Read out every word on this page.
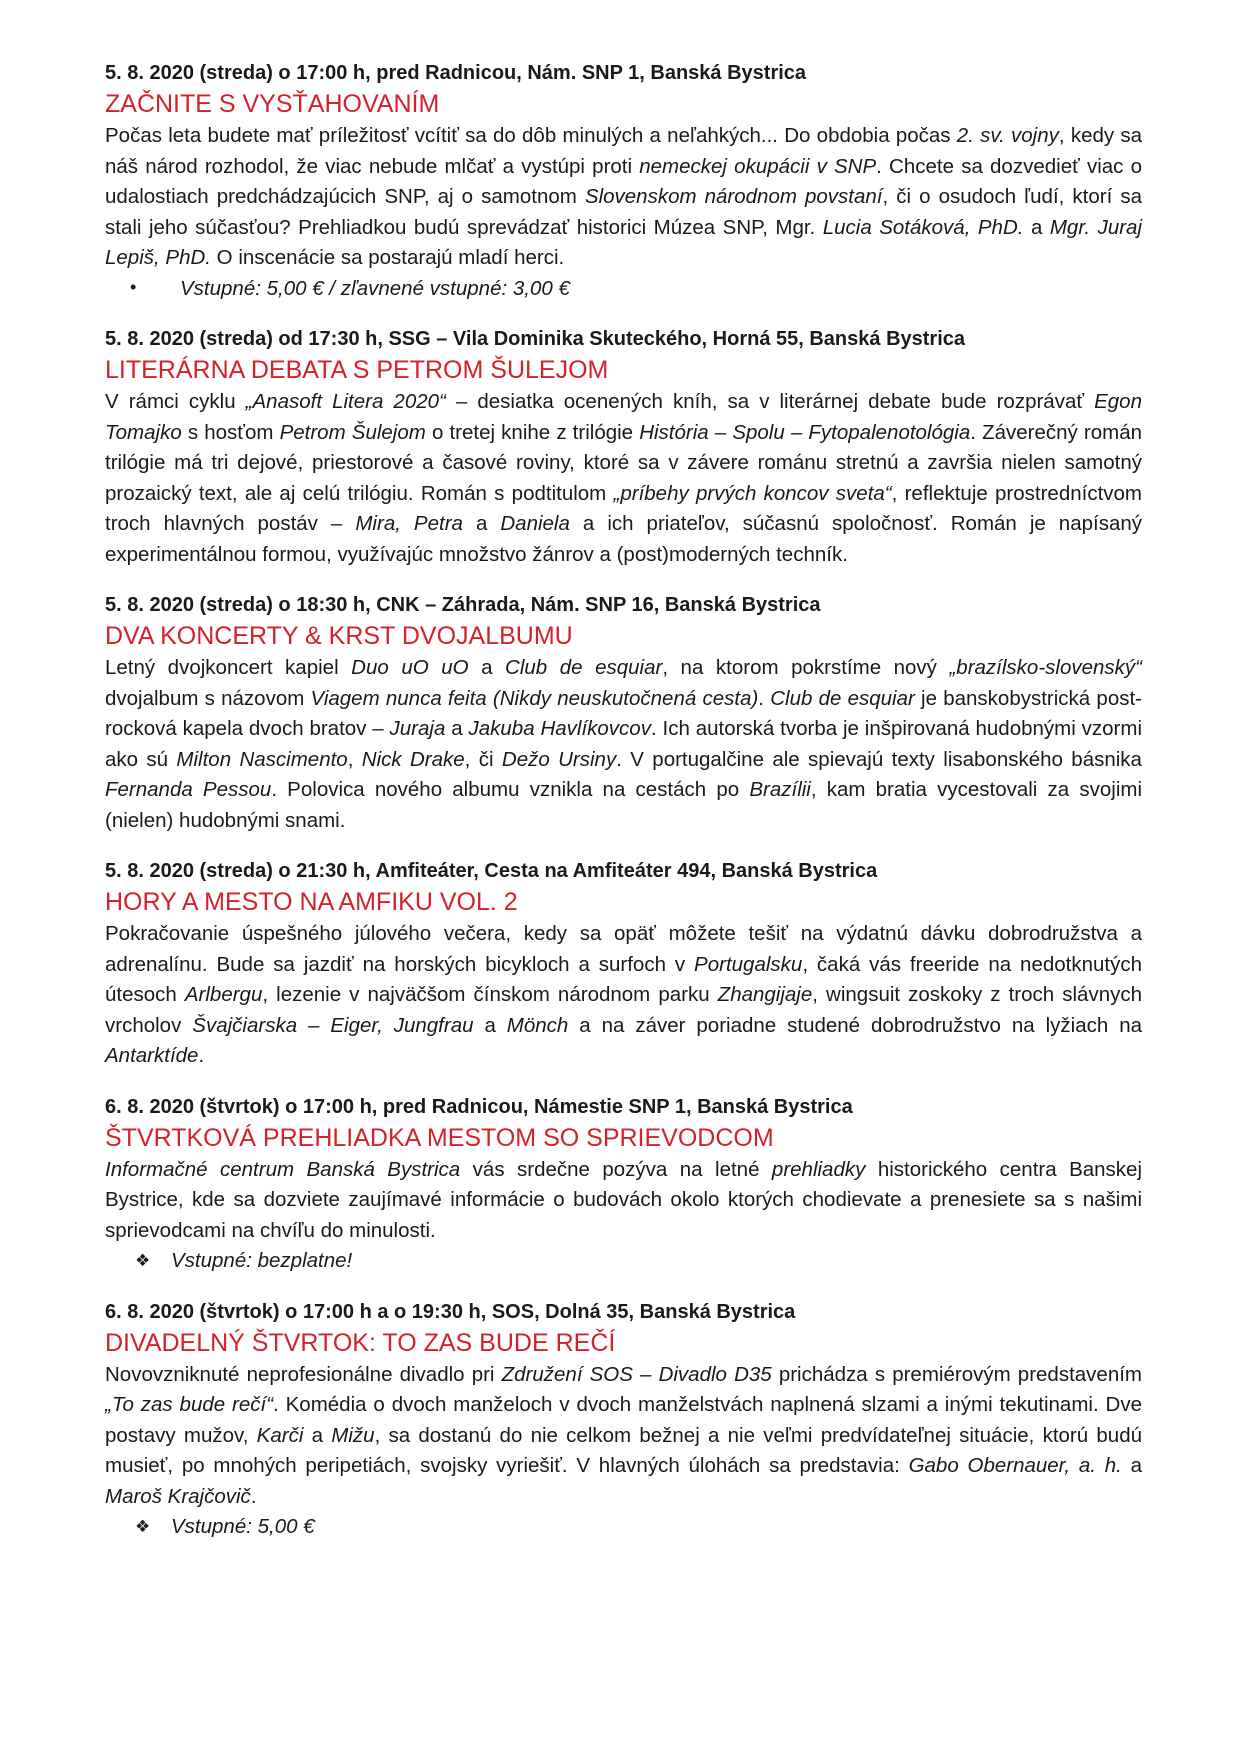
5. 8. 2020 (streda) o 17:00 h, pred Radnicou, Nám. SNP 1, Banská Bystrica

ZAČNITE S VYSŤAHOVANÍM

Počas leta budete mať príležitosť vcítiť sa do dôb minulých a neľahkých... Do obdobia počas 2. sv. vojny, kedy sa náš národ rozhodol, že viac nebude mlčať a vystúpi proti nemeckej okupácii v SNP. Chcete sa dozvedieť viac o udalostiach predchádzajúcich SNP, aj o samotnom Slovenskom národnom povstaní, či o osudoch ľudí, ktorí sa stali jeho súčasťou? Prehliadkou budú sprevádzať historici Múzea SNP, Mgr. Lucia Sotáková, PhD. a Mgr. Juraj Lepiš, PhD. O inscenácie sa postarajú mladí herci.

• Vstupné: 5,00 € / zľavnené vstupné: 3,00 €

5. 8. 2020 (streda) od 17:30 h, SSG – Vila Dominika Skuteckého, Horná 55, Banská Bystrica

LITERÁRNA DEBATA S PETROM ŠULEJOM

V rámci cyklu „Anasoft Litera 2020“ – desiatka ocenených kníh, sa v literárnej debate bude rozprávať Egon Tomajko s hosťom Petrom Šulejom o tretej knihe z trilógie História – Spolu – Fytopalenotológia. Záverečný román trilógie má tri dejové, priestorové a časové roviny, ktoré sa v závere románu stretnú a završia nielen samotný prozaický text, ale aj celú trilógiu. Román s podtitulom „príbehy prvých koncov sveta“, reflektuje prostredníctvom troch hlavných postáv – Mira, Petra a Daniela a ich priateľov, súčasnú spoločnosť. Román je napísaný experimentálnou formou, využívajúc množstvo žánrov a (post)moderných techník.

5. 8. 2020 (streda) o 18:30 h, CNK – Záhrada, Nám. SNP 16, Banská Bystrica

DVA KONCERTY & KRST DVOJALBUMU

Letný dvojkoncert kapiel Duo uO uO a Club de esquiar, na ktorom pokrstíme nový „brazílsko-slovenský“ dvojalbum s názovom Viagem nunca feita (Nikdy neuskutočnená cesta). Club de esquiar je banskobystrická post-rocková kapela dvoch bratov – Juraja a Jakuba Havlíkovcov. Ich autorská tvorba je inšpirovaná hudobnými vzormi ako sú Milton Nascimento, Nick Drake, či Dežo Ursiny. V portugalčine ale spievajú texty lisabonského básnika Fernanda Pessou. Polovica nového albumu vznikla na cestách po Brazílii, kam bratia vycestovali za svojimi (nielen) hudobnými snami.

5. 8. 2020 (streda) o 21:30 h, Amfiteáter, Cesta na Amfiteáter 494, Banská Bystrica

HORY A MESTO NA AMFIKU VOL. 2

Pokračovanie úspešného júlového večera, kedy sa opäť môžete tešiť na výdatnú dávku dobrodružstva a adrenalínu. Bude sa jazdiť na horských bicykloch a surfoch v Portugalsku, čaká vás freeride na nedotknutých útesoch Arlbergu, lezenie v najväčšom čínskom národnom parku Zhangijaje, wingsuit zoskoky z troch slávnych vrcholov Švajčiarska – Eiger, Jungfrau a Mönch a na záver poriadne studené dobrodružstvo na lyžiach na Antarktíde.

6. 8. 2020 (štvrtok) o 17:00 h, pred Radnicou, Námestie SNP 1, Banská Bystrica

ŠTVRTKOVÁ PREHLIADKA MESTOM SO SPRIEVODCOM

Informačné centrum Banská Bystrica vás srdečne pozýva na letné prehliadky historického centra Banskej Bystrice, kde sa dozviete zaujímavé informácie o budovách okolo ktorých chodievate a prenesiete sa s našimi sprievodcami na chvíľu do minulosti.

❖ Vstupné: bezplatne!

6. 8. 2020 (štvrtok) o 17:00 h a o 19:30 h, SOS, Dolná 35, Banská Bystrica

DIVADELNÝ ŠTVRTOK: TO ZAS BUDE REČÍ

Novovzniknuté neprofesionálne divadlo pri Združení SOS – Divadlo D35 prichádza s premiérovým predstavením „To zas bude rečí“. Komédia o dvoch manželoch v dvoch manželstvách naplnená slzami a inými tekutinami. Dve postavy mužov, Karči a Mižu, sa dostanú do nie celkom bežnej a nie veľmi predvídateľnej situácie, ktorú budú musieť, po mnohých peripetiách, svojsky vyriešiť. V hlavných úlohách sa predstavia: Gabo Obernauer, a. h. a Maroš Krajčovič.

❖ Vstupné: 5,00 €
